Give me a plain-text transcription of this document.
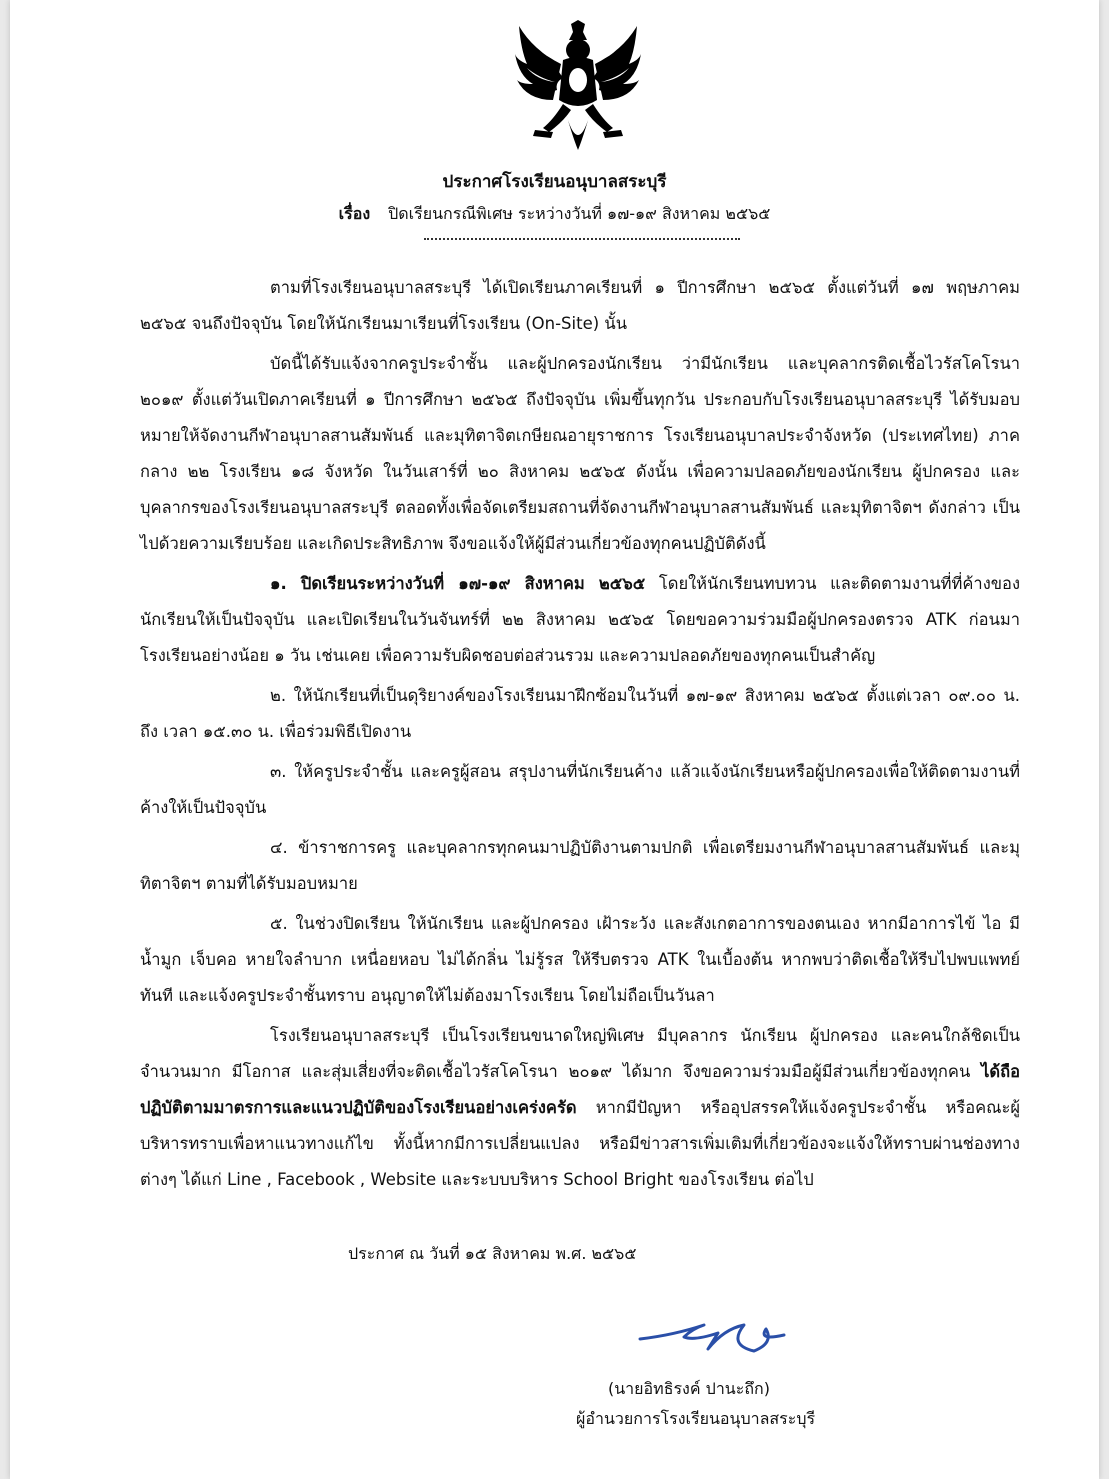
ประกาศโรงเรียนอนุบาลสระบุรี
เรื่อง ปิดเรียนกรณีพิเศษ ระหว่างวันที่ ๑๗-๑๙ สิงหาคม ๒๕๖๕

ตามที่โรงเรียนอนุบาลสระบุรี ได้เปิดเรียนภาคเรียนที่ ๑ ปีการศึกษา ๒๕๖๕ ตั้งแต่วันที่ ๑๗ พฤษภาคม ๒๕๖๕ จนถึงปัจจุบัน โดยให้นักเรียนมาเรียนที่โรงเรียน (On-Site) นั้น

บัดนี้ได้รับแจ้งจากครูประจำชั้น และผู้ปกครองนักเรียน ว่ามีนักเรียน และบุคลากรติดเชื้อไวรัสโคโรนา ๒๐๑๙ ตั้งแต่วันเปิดภาคเรียนที่ ๑ ปีการศึกษา ๒๕๖๕ ถึงปัจจุบัน เพิ่มขึ้นทุกวัน ประกอบกับโรงเรียนอนุบาลสระบุรี ได้รับมอบหมายให้จัดงานกีฬาอนุบาลสานสัมพันธ์ และมุทิตาจิตเกษียณอายุราชการ โรงเรียนอนุบาลประจำจังหวัด (ประเทศไทย) ภาคกลาง ๒๒ โรงเรียน ๑๘ จังหวัด ในวันเสาร์ที่ ๒๐ สิงหาคม ๒๕๖๕ ดังนั้น เพื่อความปลอดภัยของนักเรียน ผู้ปกครอง และบุคลากรของโรงเรียนอนุบาลสระบุรี ตลอดทั้งเพื่อจัดเตรียมสถานที่จัดงานกีฬาอนุบาลสานสัมพันธ์ และมุทิตาจิตฯ ดังกล่าว เป็นไปด้วยความเรียบร้อย และเกิดประสิทธิภาพ จึงขอแจ้งให้ผู้มีส่วนเกี่ยวข้องทุกคนปฏิบัติดังนี้

๑. ปิดเรียนระหว่างวันที่ ๑๗-๑๙ สิงหาคม ๒๕๖๕ โดยให้นักเรียนทบทวน และติดตามงานที่ที่ค้างของนักเรียนให้เป็นปัจจุบัน และเปิดเรียนในวันจันทร์ที่ ๒๒ สิงหาคม ๒๕๖๕ โดยขอความร่วมมือผู้ปกครองตรวจ ATK ก่อนมาโรงเรียนอย่างน้อย ๑ วัน เช่นเคย เพื่อความรับผิดชอบต่อส่วนรวม และความปลอดภัยของทุกคนเป็นสำคัญ

๒. ให้นักเรียนที่เป็นดุริยางค์ของโรงเรียนมาฝึกซ้อมในวันที่ ๑๗-๑๙ สิงหาคม ๒๕๖๕ ตั้งแต่เวลา ๐๙.๐๐ น. ถึง เวลา ๑๕.๓๐ น. เพื่อร่วมพิธีเปิดงาน

๓. ให้ครูประจำชั้น และครูผู้สอน สรุปงานที่นักเรียนค้าง แล้วแจ้งนักเรียนหรือผู้ปกครองเพื่อให้ติดตามงานที่ค้างให้เป็นปัจจุบัน

๔. ข้าราชการครู และบุคลากรทุกคนมาปฏิบัติงานตามปกติ เพื่อเตรียมงานกีฬาอนุบาลสานสัมพันธ์ และมุทิตาจิตฯ ตามที่ได้รับมอบหมาย

๕. ในช่วงปิดเรียน ให้นักเรียน และผู้ปกครอง เฝ้าระวัง และสังเกตอาการของตนเอง หากมีอาการไข้ ไอ มีน้ำมูก เจ็บคอ หายใจลำบาก เหนื่อยหอบ ไม่ได้กลิ่น ไม่รู้รส ให้รีบตรวจ ATK ในเบื้องต้น หากพบว่าติดเชื้อให้รีบไปพบแพทย์ทันที และแจ้งครูประจำชั้นทราบ อนุญาตให้ไม่ต้องมาโรงเรียน โดยไม่ถือเป็นวันลา

โรงเรียนอนุบาลสระบุรี เป็นโรงเรียนขนาดใหญ่พิเศษ มีบุคลากร นักเรียน ผู้ปกครอง และคนใกล้ชิดเป็นจำนวนมาก มีโอกาส และสุ่มเสี่ยงที่จะติดเชื้อไวรัสโคโรนา ๒๐๑๙ ได้มาก จึงขอความร่วมมือผู้มีส่วนเกี่ยวข้องทุกคน ได้ถือปฏิบัติตามมาตรการและแนวปฏิบัติของโรงเรียนอย่างเคร่งครัด หากมีปัญหา หรืออุปสรรคให้แจ้งครูประจำชั้น หรือคณะผู้บริหารทราบเพื่อหาแนวทางแก้ไข ทั้งนี้หากมีการเปลี่ยนแปลง หรือมีข่าวสารเพิ่มเติมที่เกี่ยวข้องจะแจ้งให้ทราบผ่านช่องทางต่างๆ ได้แก่ Line , Facebook , Website และระบบบริหาร School Bright ของโรงเรียน ต่อไป

ประกาศ ณ วันที่ ๑๕ สิงหาคม พ.ศ. ๒๕๖๕
(นายอิทธิรงค์ ปานะถึก)
ผู้อำนวยการโรงเรียนอนุบาลสระบุรี
